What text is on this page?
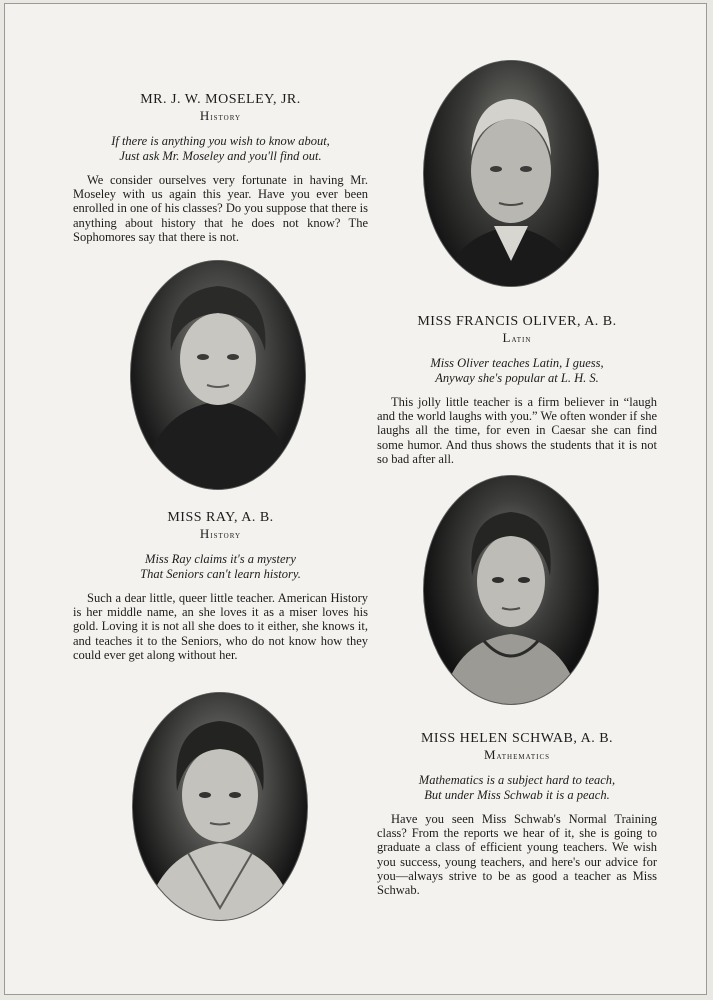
MR. J. W. MOSELEY, JR.

History

If there is anything you wish to know about,
Just ask Mr. Moseley and you'll find out.

We consider ourselves very fortunate in having Mr. Moseley with us again this year. Have you ever been enrolled in one of his classes? Do you suppose that there is anything about history that he does not know? The Sophomores say that there is not.

MISS FRANCIS OLIVER, A. B.

Latin

Miss Oliver teaches Latin, I guess,
Anyway she's popular at L. H. S.

This jolly little teacher is a firm believer in “laugh and the world laughs with you.” We often wonder if she laughs all the time, for even in Caesar she can find some humor. And thus shows the students that it is not so bad after all.

MISS RAY, A. B.

History

Miss Ray claims it's a mystery
That Seniors can't learn history.

Such a dear little, queer little teacher. American History is her middle name, an she loves it as a miser loves his gold. Loving it is not all she does to it either, she knows it, and teaches it to the Seniors, who do not know how they could ever get along without her.

MISS HELEN SCHWAB, A. B.

Mathematics

Mathematics is a subject hard to teach,
But under Miss Schwab it is a peach.

Have you seen Miss Schwab's Normal Training class? From the reports we hear of it, she is going to graduate a class of efficient young teachers. We wish you success, young teachers, and here's our advice for you—always strive to be as good a teacher as Miss Schwab.
